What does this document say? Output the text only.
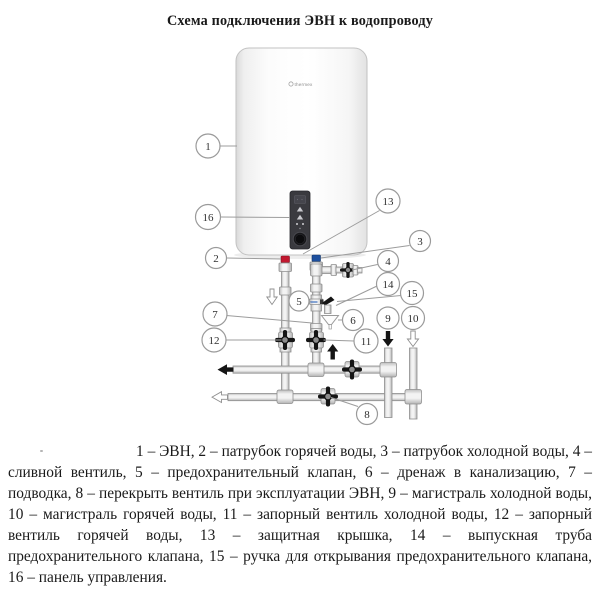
Схема подключения ЭВН к водопроводу
thermex
1
16
13
3
2	4
14
15
5
7	6	9 10
12	11
8
1 – ЭВН, 2 – патрубок горячей воды, 3 – патрубок холодной воды, 4 – сливной вентиль, 5 – предохранительный клапан, 6 – дренаж в канализацию, 7 – подводка, 8 – перекрыть вентиль при эксплуатации ЭВН, 9 – магистраль холодной воды, 10 – магистраль горячей воды, 11 – запорный вентиль холодной воды, 12 – запорный вентиль горячей воды, 13 – защитная крышка, 14 – выпускная труба предохранительного клапана, 15 – ручка для открывания предохранительного клапана, 16 – панель управления.
